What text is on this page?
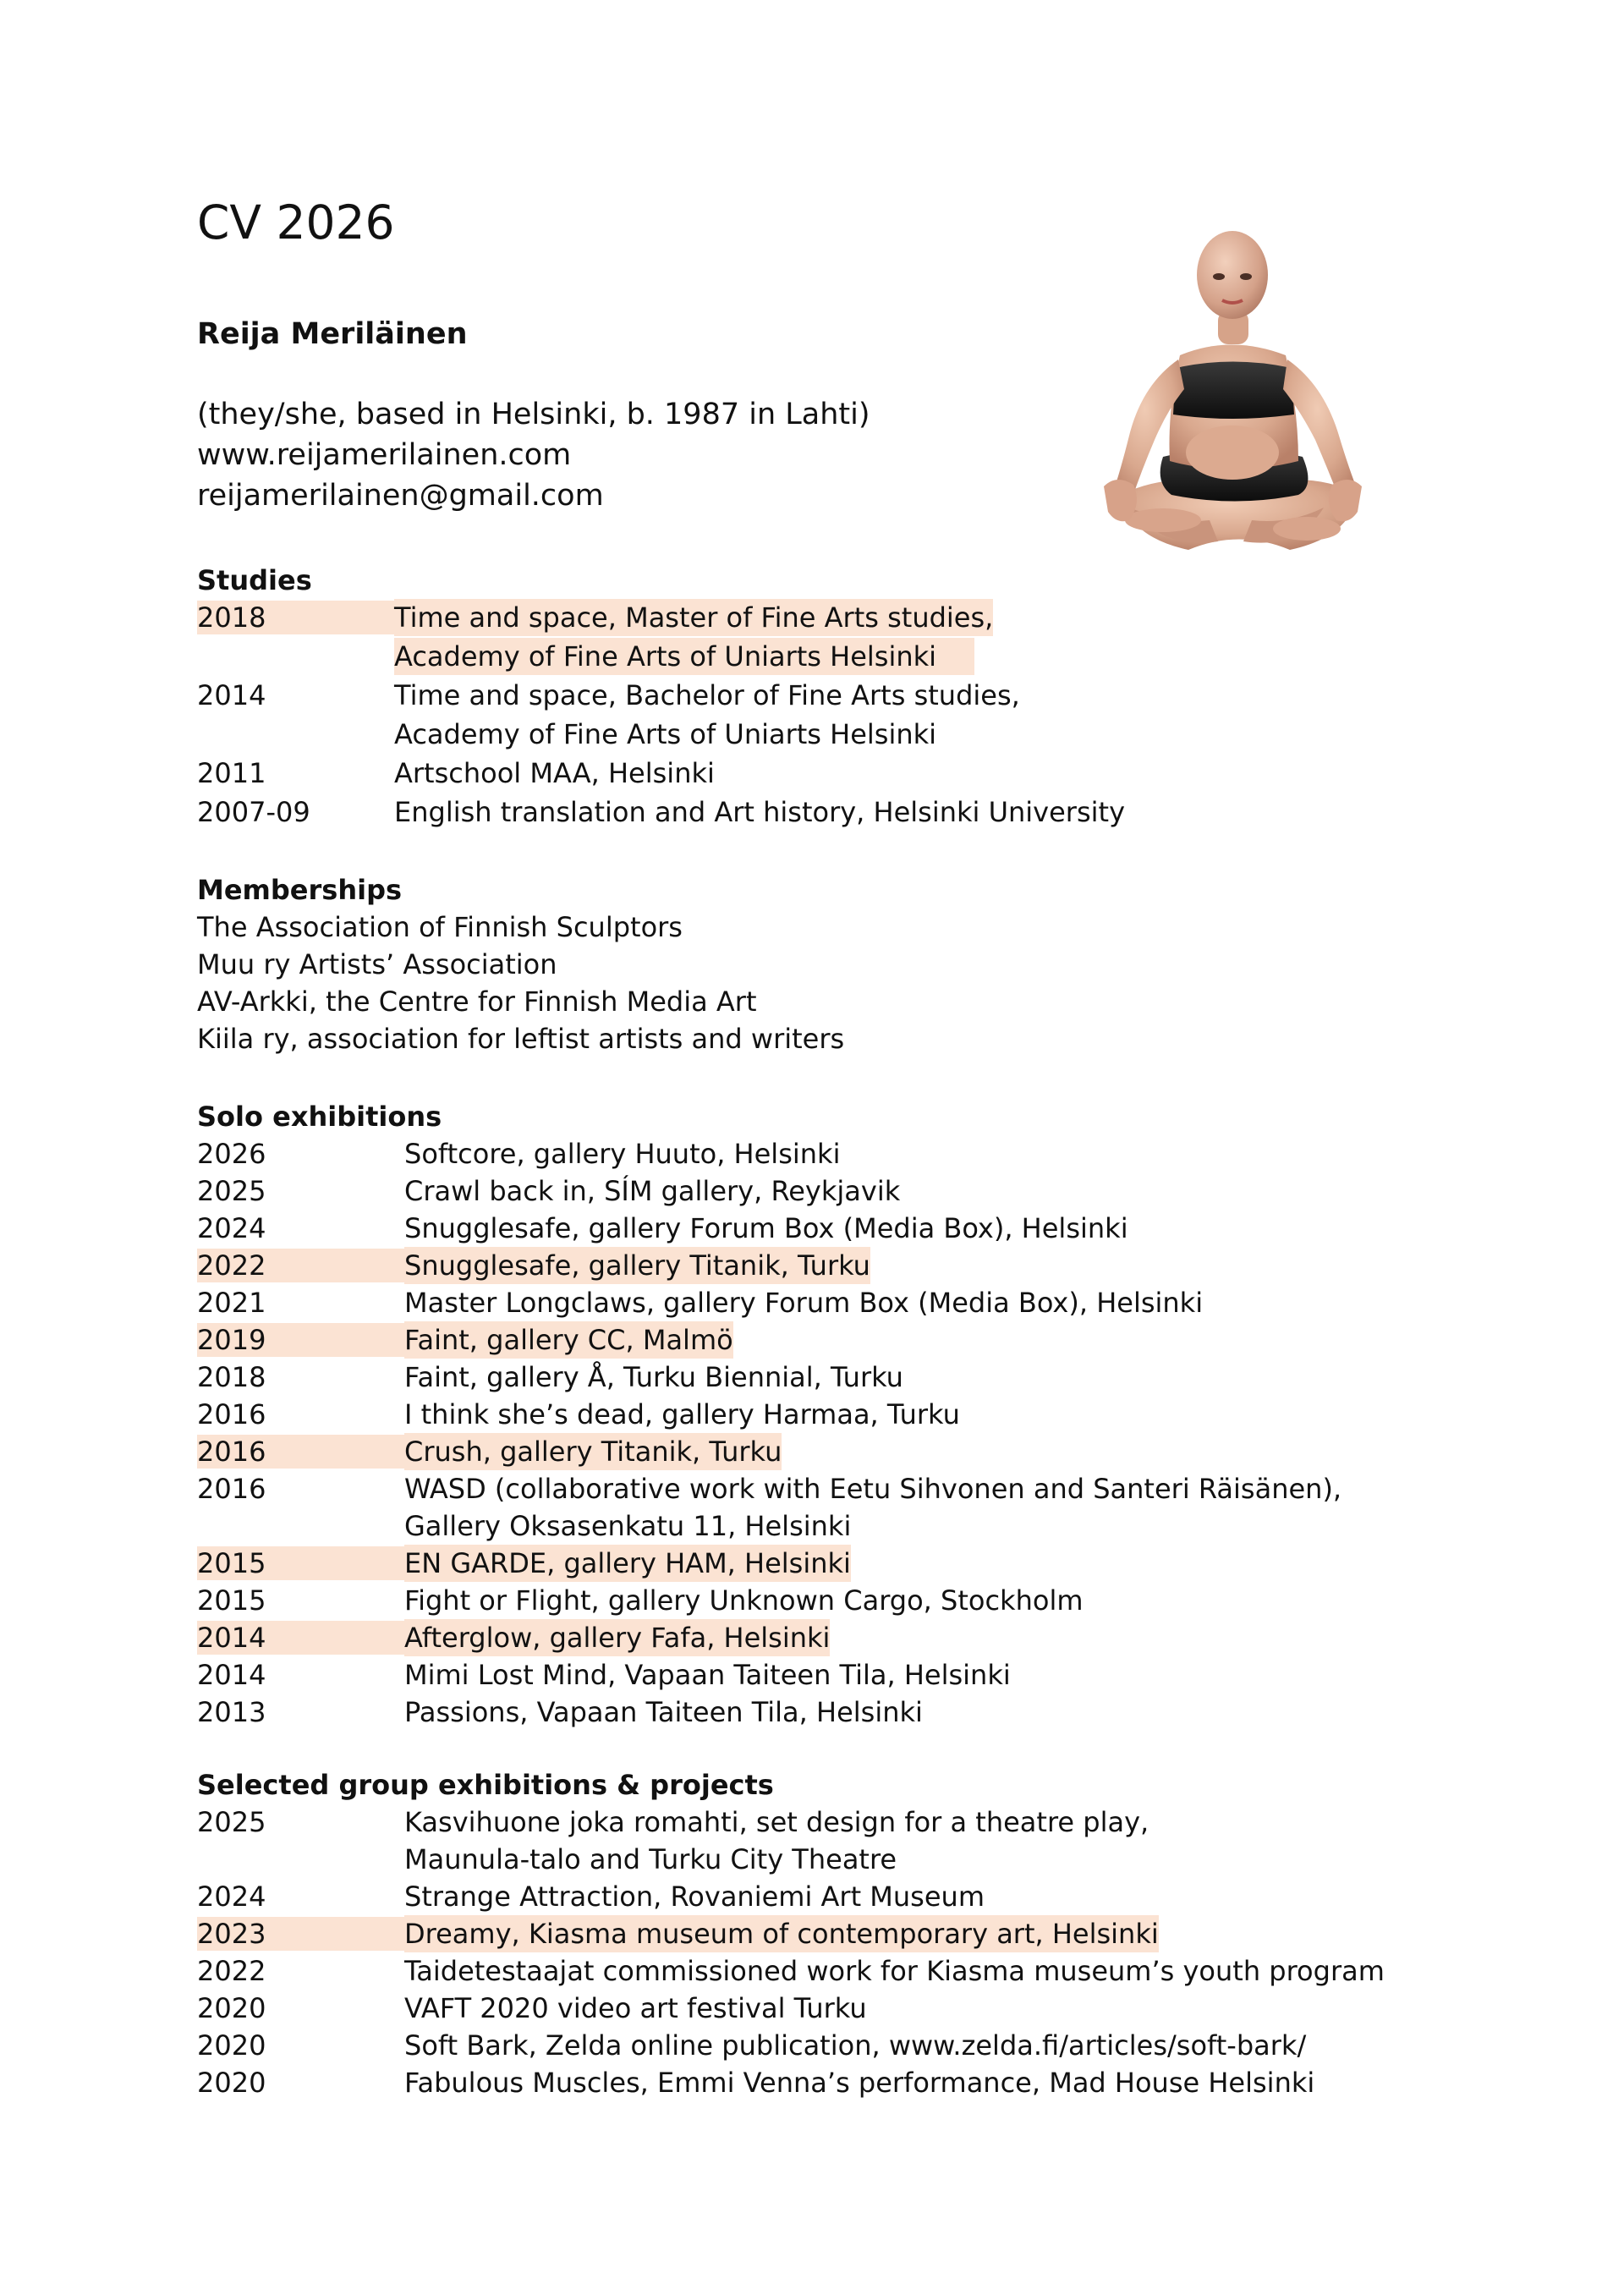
CV 2026
Reija Meriläinen
(they/she, based in Helsinki, b. 1987 in Lahti)
www.reijamerilainen.com
reijamerilainen@gmail.com
Studies
2018	Time and space, Master of Fine Arts studies,
Academy of Fine Arts of Uniarts Helsinki
2014	Time and space, Bachelor of Fine Arts studies,
Academy of Fine Arts of Uniarts Helsinki
2011	Artschool MAA, Helsinki
2007-09	English translation and Art history, Helsinki University
Memberships
The Association of Finnish Sculptors
Muu ry Artists’ Association
AV-Arkki, the Centre for Finnish Media Art
Kiila ry, association for leftist artists and writers
Solo exhibitions
2026	Softcore, gallery Huuto, Helsinki
2025	Crawl back in, SÍM gallery, Reykjavik
2024	Snugglesafe, gallery Forum Box (Media Box), Helsinki
2022	Snugglesafe, gallery Titanik, Turku
2021	Master Longclaws, gallery Forum Box (Media Box), Helsinki
2019	Faint, gallery CC, Malmö
2018	Faint, gallery Å, Turku Biennial, Turku
2016	I think she’s dead, gallery Harmaa, Turku
2016	Crush, gallery Titanik, Turku
2016	WASD (collaborative work with Eetu Sihvonen and Santeri Räisänen),
Gallery Oksasenkatu 11, Helsinki
2015	EN GARDE, gallery HAM, Helsinki
2015	Fight or Flight, gallery Unknown Cargo, Stockholm
2014	Afterglow, gallery Fafa, Helsinki
2014	Mimi Lost Mind, Vapaan Taiteen Tila, Helsinki
2013	Passions, Vapaan Taiteen Tila, Helsinki
Selected group exhibitions & projects
2025	Kasvihuone joka romahti, set design for a theatre play,
Maunula-talo and Turku City Theatre
2024	Strange Attraction, Rovaniemi Art Museum
2023	Dreamy, Kiasma museum of contemporary art, Helsinki
2022	Taidetestaajat commissioned work for Kiasma museum’s youth program
2020	VAFT 2020 video art festival Turku
2020	Soft Bark, Zelda online publication, www.zelda.fi/articles/soft-bark/
2020	Fabulous Muscles, Emmi Venna’s performance, Mad House Helsinki
